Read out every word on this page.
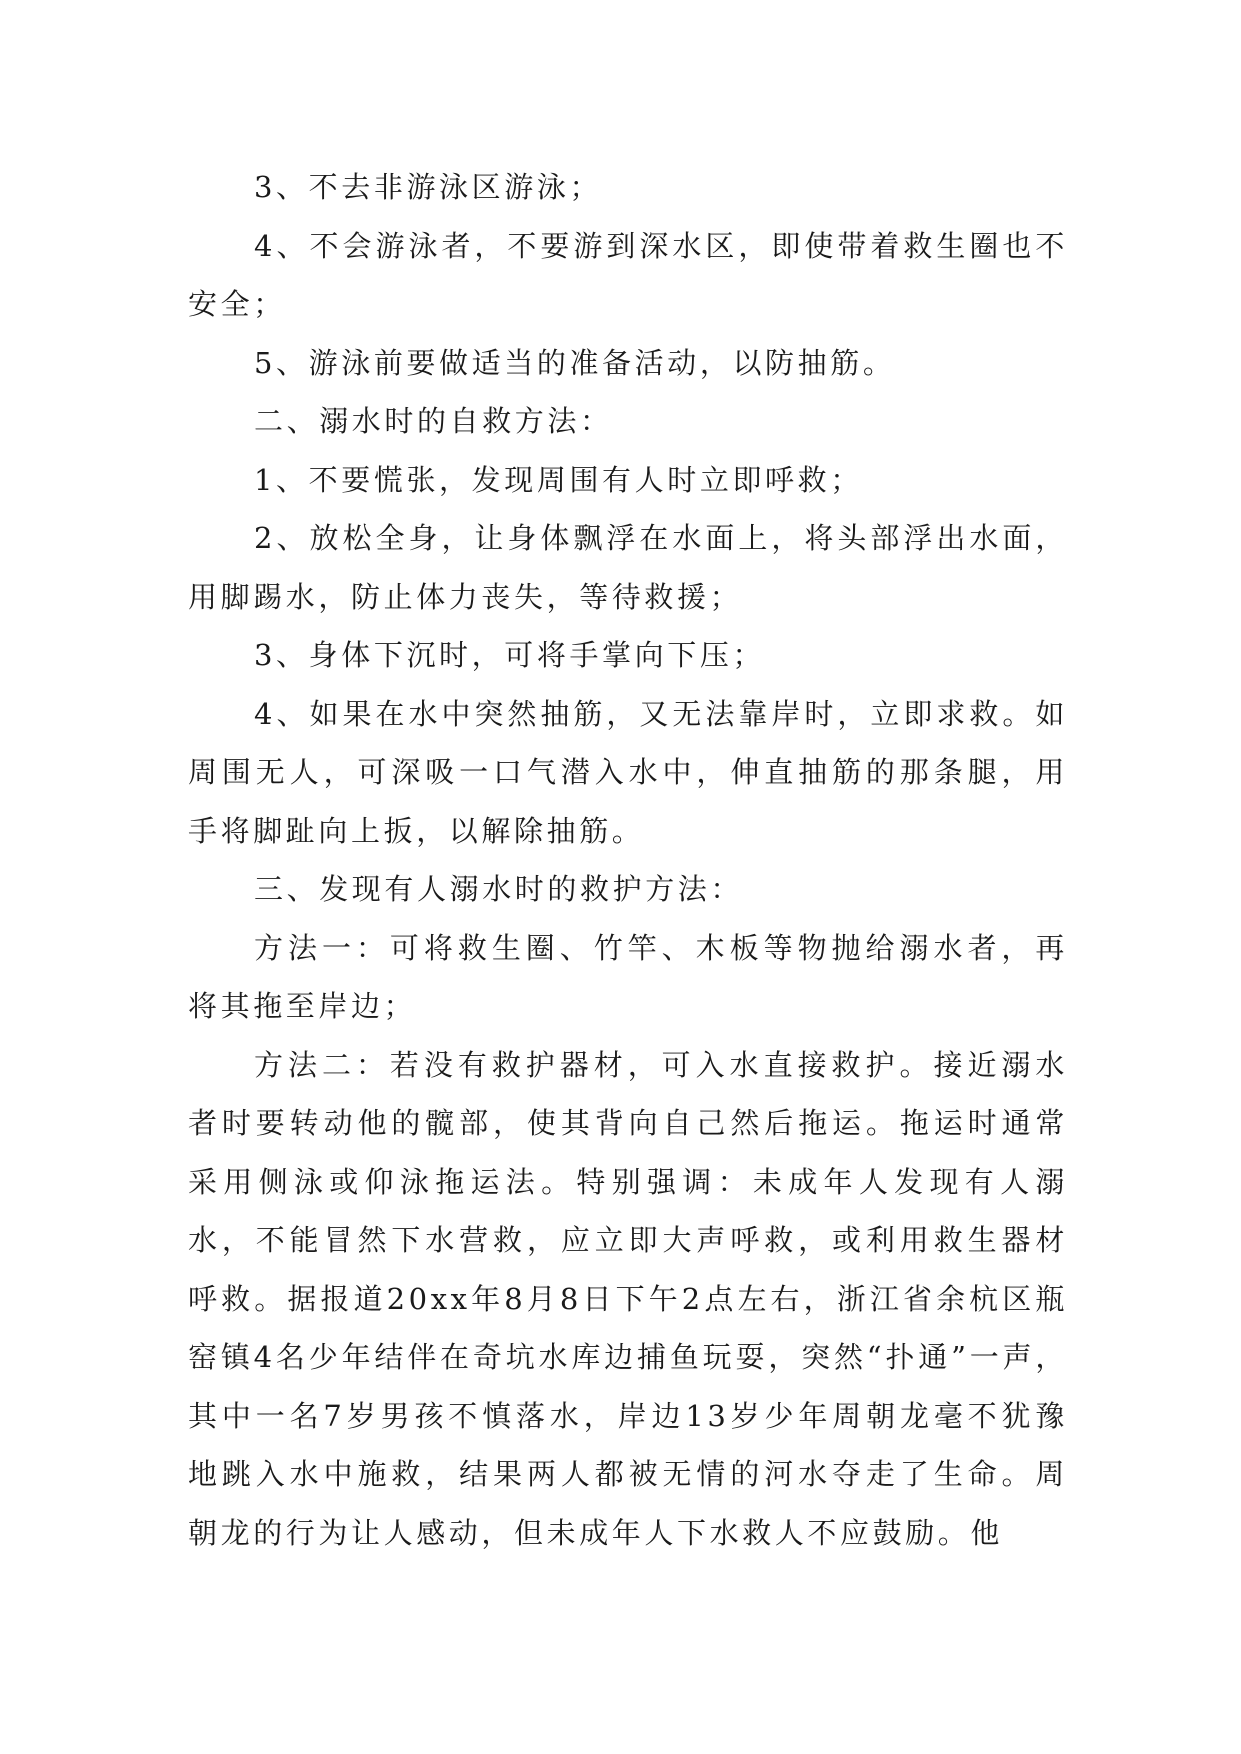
3、不去非游泳区游泳；

4、不会游泳者，不要游到深水区，即使带着救生圈也不安全；

5、游泳前要做适当的准备活动，以防抽筋。

二、溺水时的自救方法：

1、不要慌张，发现周围有人时立即呼救；

2、放松全身，让身体飘浮在水面上，将头部浮出水面，用脚踢水，防止体力丧失，等待救援；

3、身体下沉时，可将手掌向下压；

4、如果在水中突然抽筋，又无法靠岸时，立即求救。如周围无人，可深吸一口气潜入水中，伸直抽筋的那条腿，用手将脚趾向上扳，以解除抽筋。

三、发现有人溺水时的救护方法：

方法一：可将救生圈、竹竿、木板等物抛给溺水者，再将其拖至岸边；

方法二：若没有救护器材，可入水直接救护。接近溺水者时要转动他的髋部，使其背向自己然后拖运。拖运时通常采用侧泳或仰泳拖运法。特别强调：未成年人发现有人溺水，不能冒然下水营救，应立即大声呼救，或利用救生器材呼救。据报道20xx年8月8日下午2点左右，浙江省余杭区瓶窑镇4名少年结伴在奇坑水库边捕鱼玩耍，突然“扑通”一声，其中一名7岁男孩不慎落水，岸边13岁少年周朝龙毫不犹豫地跳入水中施救，结果两人都被无情的河水夺走了生命。周朝龙的行为让人感动，但未成年人下水救人不应鼓励。他
